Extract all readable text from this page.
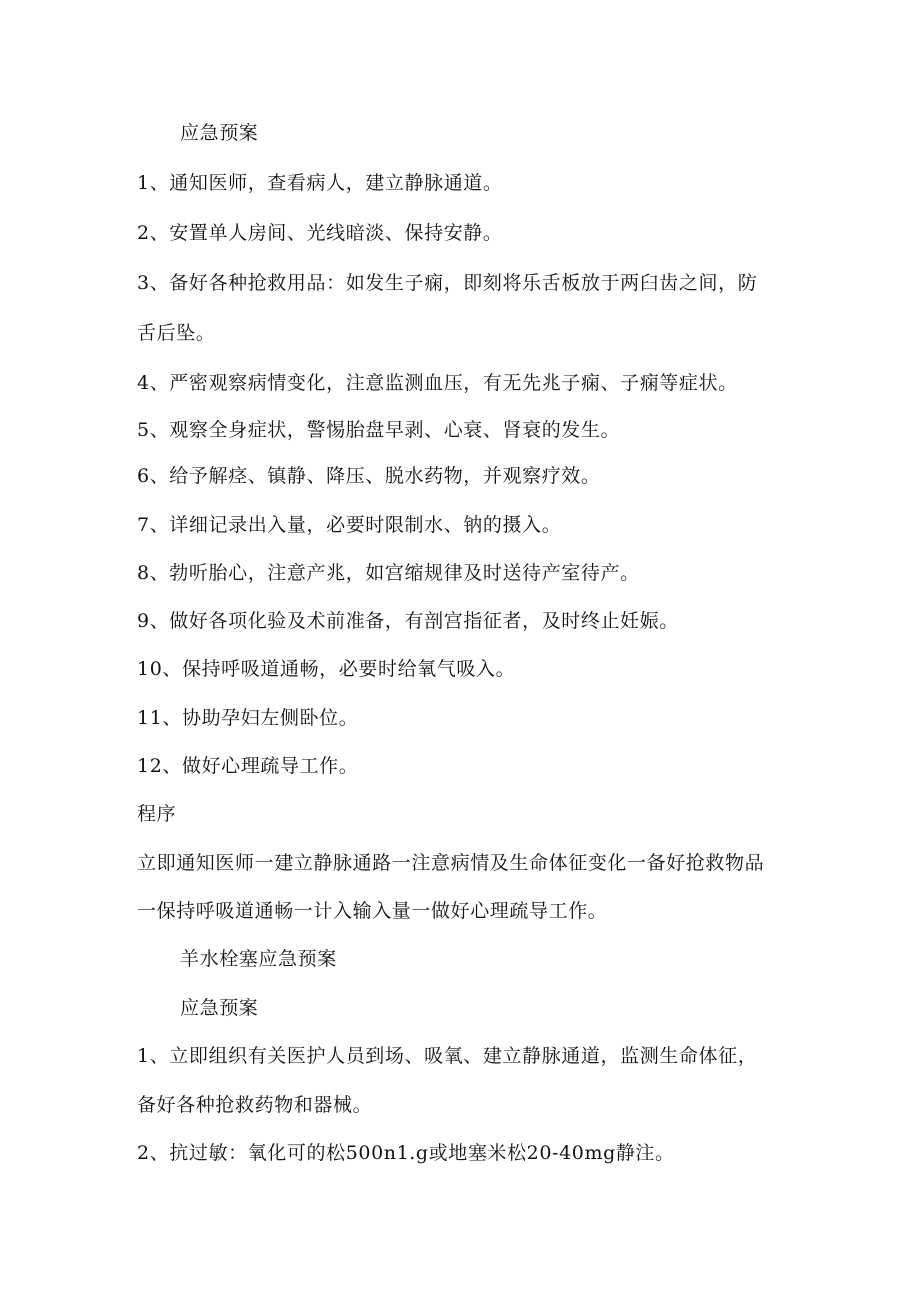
应急预案
1、通知医师，查看病人，建立静脉通道。
2、安置单人房间、光线暗淡、保持安静。
3、备好各种抢救用品：如发生子痫，即刻将乐舌板放于两臼齿之间，防
舌后坠。
4、严密观察病情变化，注意监测血压，有无先兆子痫、子痫等症状。
5、观察全身症状，警惕胎盘早剥、心衰、肾衰的发生。
6、给予解痉、镇静、降压、脱水药物，并观察疗效。
7、详细记录出入量，必要时限制水、钠的摄入。
8、勃听胎心，注意产兆，如宫缩规律及时送待产室待产。
9、做好各项化验及术前准备，有剖宫指征者，及时终止妊娠。
10、保持呼吸道通畅，必要时给氧气吸入。
11、协助孕妇左侧卧位。
12、做好心理疏导工作。
程序
立即通知医师一建立静脉通路一注意病情及生命体征变化一备好抢救物品
一保持呼吸道通畅一计入输入量一做好心理疏导工作。
羊水栓塞应急预案
应急预案
1、立即组织有关医护人员到场、吸氧、建立静脉通道，监测生命体征，
备好各种抢救药物和器械。
2、抗过敏：氧化可的松500n1.g或地塞米松20-40mg静注。
